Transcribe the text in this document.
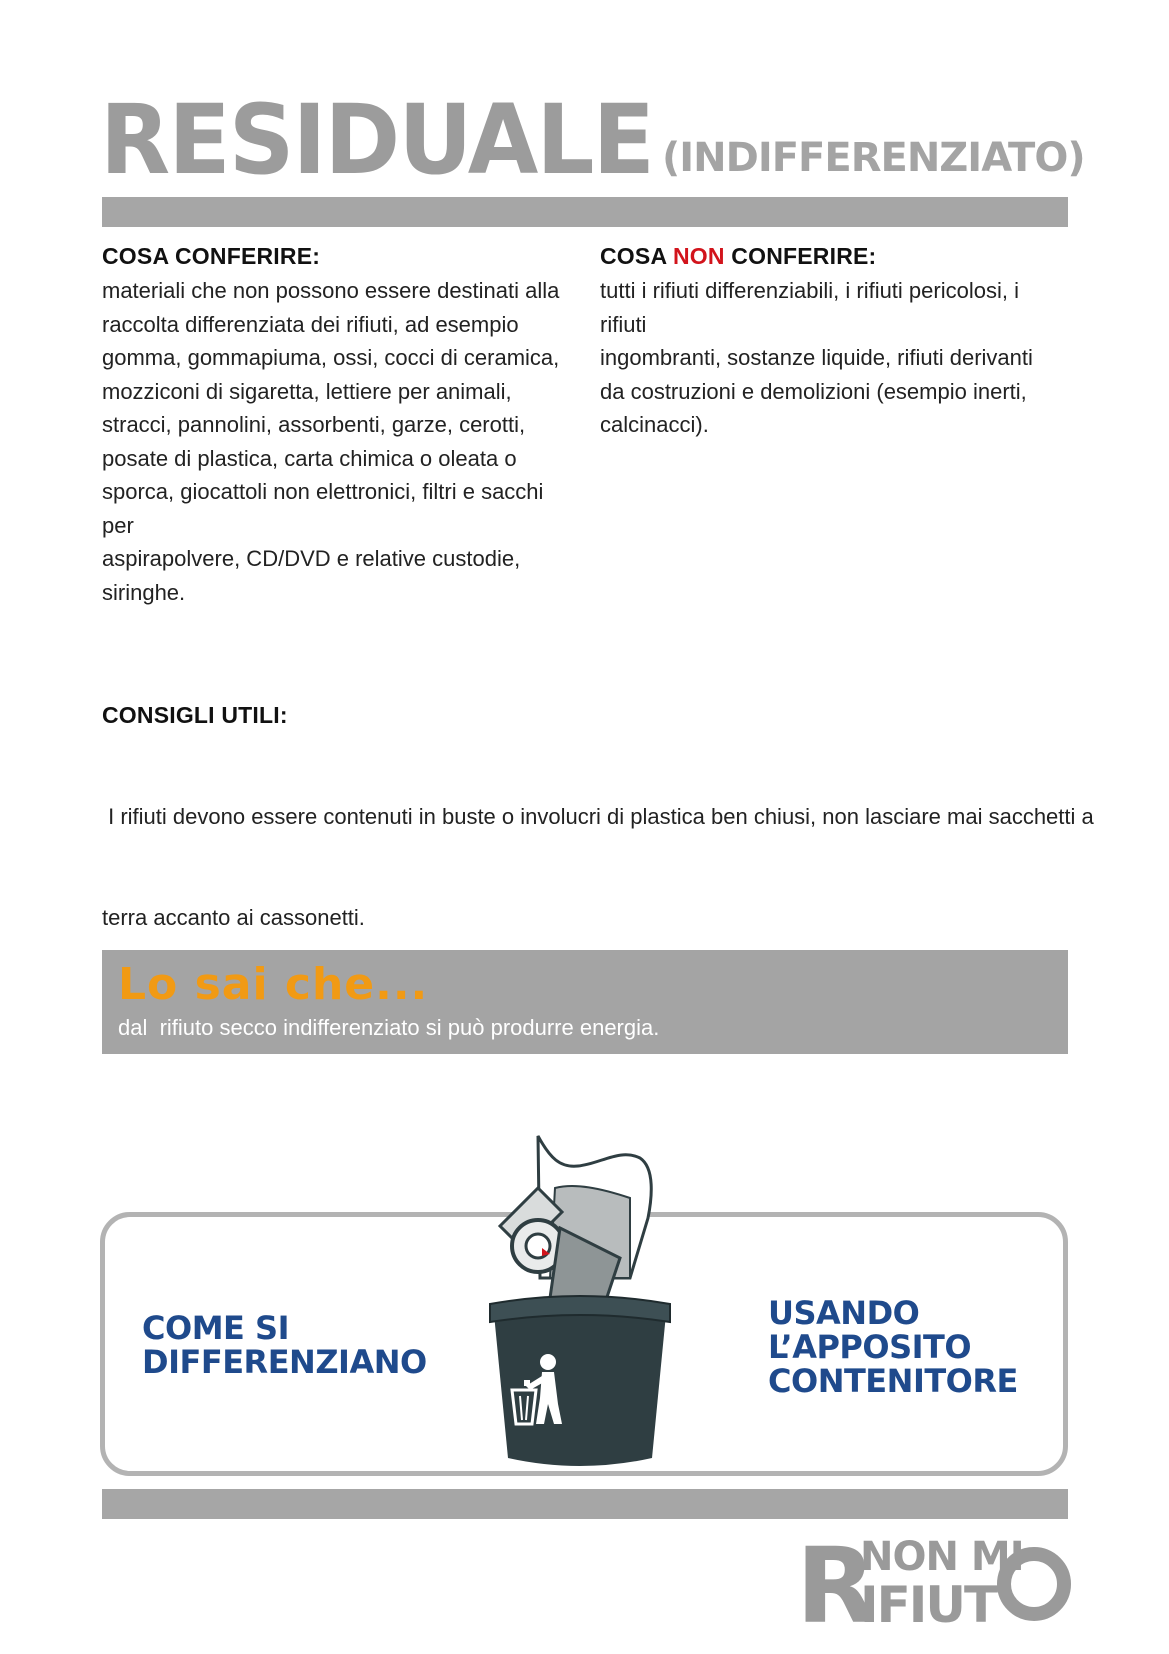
RESIDUALE (INDIFFERENZIATO)
COSA CONFERIRE:
materiali che non possono essere destinati alla
raccolta differenziata dei rifiuti, ad esempio
gomma, gommapiuma, ossi, cocci di ceramica,
mozziconi di sigaretta, lettiere per animali,
stracci, pannolini, assorbenti, garze, cerotti,
posate di plastica, carta chimica o oleata o
sporca, giocattoli non elettronici, filtri e sacchi per
aspirapolvere, CD/DVD e relative custodie,
siringhe.
COSA NON CONFERIRE:
tutti i rifiuti differenziabili, i rifiuti pericolosi, i rifiuti
ingombranti, sostanze liquide, rifiuti derivanti
da costruzioni e demolizioni (esempio inerti,
calcinacci).
CONSIGLI UTILI:

I rifiuti devono essere contenuti in buste o involucri di plastica ben chiusi, non lasciare mai sacchetti a

terra accanto ai cassonetti.

Lo sai che...
dal  rifiuto secco indifferenziato si può produrre energia.
COME SI
DIFFERENZIANO
USANDO
L’APPOSITO
CONTENITORE
R
NON MI
IFIUT
